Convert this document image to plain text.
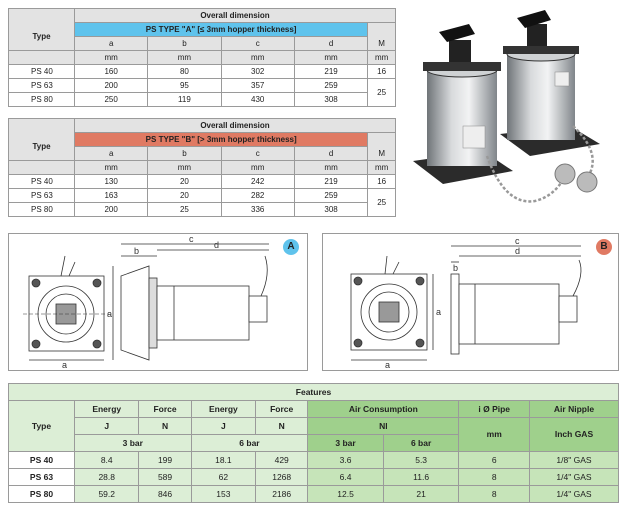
	Overall dimension				
Type	PS TYPE "A" [≤ 3mm hopper thickness]				
	a	b	c	d	M
	mm	mm	mm	mm	mm
PS 40	160	80	302	219	16
PS 63	200	95	357	259	25
PS 80	250	119	430	308	
	Overall dimension				
Type	PS TYPE "B" [> 3mm hopper thickness]				
	a	b	c	d	M
	mm	mm	mm	mm	mm
PS 40	130	20	242	219	16
PS 63	163	20	282	259	25
PS 80	200	25	336	308	
a
a
b
c
d	A
a
a
b
c
d	B
Features								
Type	Energy	Force	Energy	Force	Air Consumption		i Ø Pipe	Air Nipple
	J	N	J	N	Nl		mm	Inch GAS
	3 bar		6 bar		3 bar	6 bar		
PS 40	8.4	199	18.1	429	3.6	5.3	6	1/8" GAS
PS 63	28.8	589	62	1268	6.4	11.6	8	1/4" GAS
PS 80	59.2	846	153	2186	12.5	21	8	1/4" GAS
